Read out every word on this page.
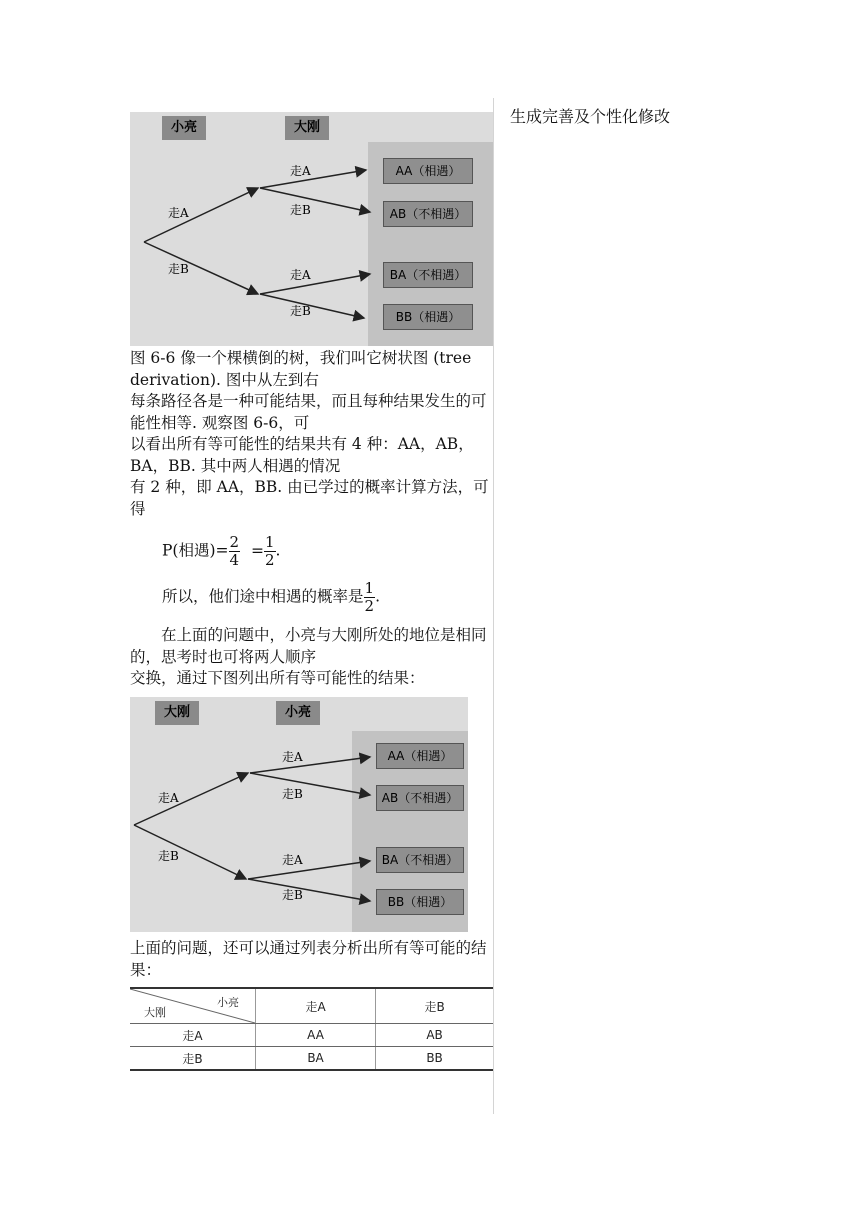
生成完善及个性化修改
小亮	大刚
走A
走B
走A
走B
走A
走B
AA（相遇）
AB（不相遇）
BA（不相遇）
BB（相遇）

图 6-6 像一个棵横倒的树，我们叫它树状图 (tree derivation). 图中从左到右

每条路径各是一种可能结果，而且每种结果发生的可能性相等. 观察图 6-6，可

以看出所有等可能性的结果共有 4 种：AA，AB，BA，BB. 其中两人相遇的情况

有 2 种，即 AA，BB. 由已学过的概率计算方法，可得

P(相遇)= $\frac{2}{4} = \frac{1}{2}$ .
所以，他们途中相遇的概率是 $\frac{1}{2}$ .

在上面的问题中，小亮与大刚所处的地位是相同的，思考时也可将两人顺序

交换，通过下图列出所有等可能性的结果：

大刚	小亮
走A
走B
走A
走B
走A
走B
AA（相遇）
AB（不相遇）
BA（不相遇）
BB（相遇）

上面的问题，还可以通过列表分析出所有等可能的结果：

小亮
大刚	走A	走B
走A	AA	AB
走B	BA	BB
